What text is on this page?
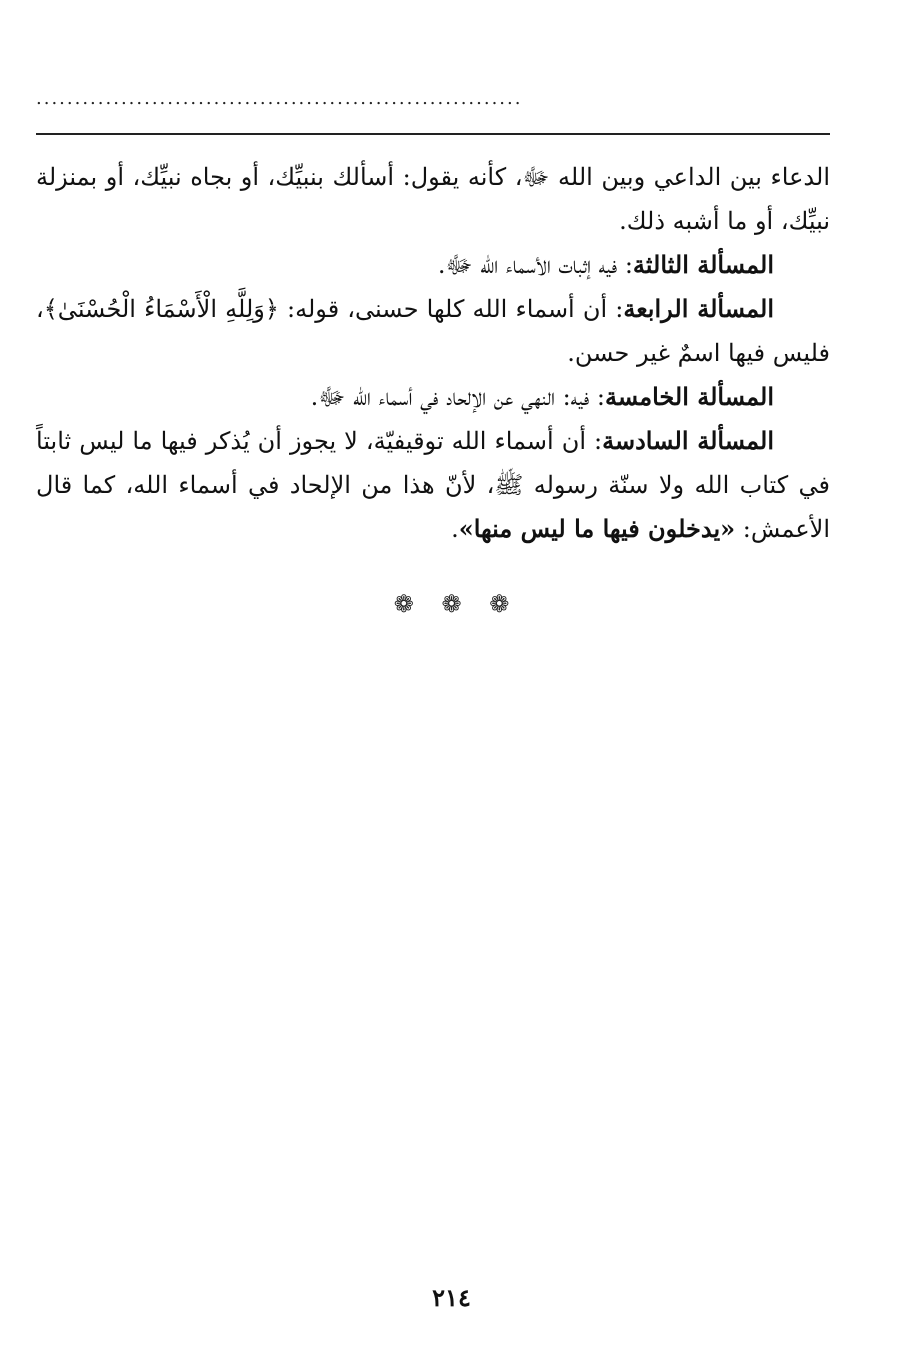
...............................................................

الدعاء بين الداعي وبين الله ﷻ، كأنه يقول: أسألك بنبيِّك، أو بجاه نبيِّك، أو بمنزلة نبيِّك، أو ما أشبه ذلك.

المسألة الثالثة: فيه إثبات الأسماء الله ﷻ.

المسألة الرابعة: أن أسماء الله كلها حسنى، قوله: ﴿وَلِلَّهِ الْأَسْمَاءُ الْحُسْنَىٰ﴾، فليس فيها اسمٌ غير حسن.

المسألة الخامسة: فيه: النهي عن الإلحاد في أسماء الله ﷻ.

المسألة السادسة: أن أسماء الله توقيفيّة، لا يجوز أن يُذكر فيها ما ليس ثابتاً في كتاب الله ولا سنّة رسوله ﷺ، لأنّ هذا من الإلحاد في أسماء الله، كما قال الأعمش: «يدخلون فيها ما ليس منها».

❁ ❁ ❁
٢١٤
